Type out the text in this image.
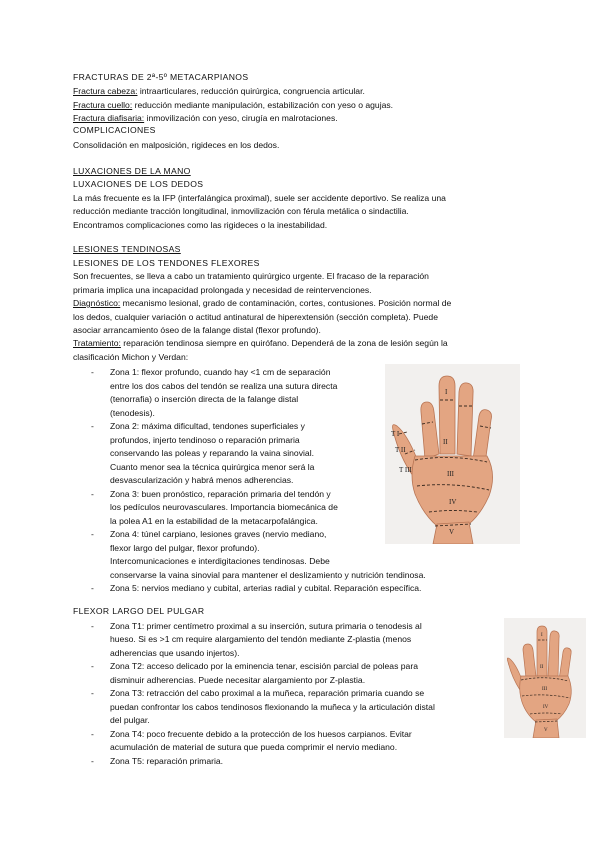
FRACTURAS DE 2ª-5º METACARPIANOS
Fractura cabeza: intraarticulares, reducción quirúrgica, congruencia articular.
Fractura cuello: reducción mediante manipulación, estabilización con yeso o agujas.
Fractura diafisaria: inmovilización con yeso, cirugía en malrotaciones.
COMPLICACIONES
Consolidación en malposición, rigideces en los dedos.
LUXACIONES DE LA MANO
LUXACIONES DE LOS DEDOS
La más frecuente es la IFP (interfalángica proximal), suele ser accidente deportivo. Se realiza una
reducción mediante tracción longitudinal, inmovilización con férula metálica o sindactilia.
Encontramos complicaciones como las rigideces o la inestabilidad.
LESIONES TENDINOSAS
LESIONES DE LOS TENDONES FLEXORES
Son frecuentes, se lleva a cabo un tratamiento quirúrgico urgente. El fracaso de la reparación
primaria implica una incapacidad prolongada y necesidad de reintervenciones.
Diagnóstico: mecanismo lesional, grado de contaminación, cortes, contusiones. Posición normal de
los dedos, cualquier variación o actitud antinatural de hiperextensión (sección completa). Puede
asociar arrancamiento óseo de la falange distal (flexor profundo).
Tratamiento: reparación tendinosa siempre en quirófano. Dependerá de la zona de lesión según la
clasificación Michon y Verdan:
- Zona 1: flexor profundo, cuando hay <1 cm de separación
entre los dos cabos del tendón se realiza una sutura directa
(tenorrafia) o inserción directa de la falange distal
(tenodesis).
- Zona 2: máxima dificultad, tendones superficiales y
profundos, injerto tendinoso o reparación primaria
conservando las poleas y reparando la vaina sinovial.
Cuanto menor sea la técnica quirúrgica menor será la
desvascularización y habrá menos adherencias.
- Zona 3: buen pronóstico, reparación primaria del tendón y
los pedículos neurovasculares. Importancia biomecánica de
la polea A1 en la estabilidad de la metacarpofalángica.
- Zona 4: túnel carpiano, lesiones graves (nervio mediano,
flexor largo del pulgar, flexor profundo).
Intercomunicaciones e interdigitaciones tendinosas. Debe
conservarse la vaina sinovial para mantener el deslizamiento y nutrición tendinosa.
- Zona 5: nervios mediano y cubital, arterias radial y cubital. Reparación específica.
FLEXOR LARGO DEL PULGAR
- Zona T1: primer centímetro proximal a su inserción, sutura primaria o tenodesis al
hueso. Si es >1 cm require alargamiento del tendón mediante Z-plastia (menos
adherencias que usando injertos).
- Zona T2: acceso delicado por la eminencia tenar, escisión parcial de poleas para
disminuir adherencias. Puede necesitar alargamiento por Z-plastia.
- Zona T3: retracción del cabo proximal a la muñeca, reparación primaria cuando se
puedan confrontar los cabos tendinosos flexionando la muñeca y la articulación distal
del pulgar.
- Zona T4: poco frecuente debido a la protección de los huesos carpianos. Evitar
acumulación de material de sutura que pueda comprimir el nervio mediano.
- Zona T5: reparación primaria.
I
II
III
IV
V
T I
T II
T III
I
II
III
IV
V
